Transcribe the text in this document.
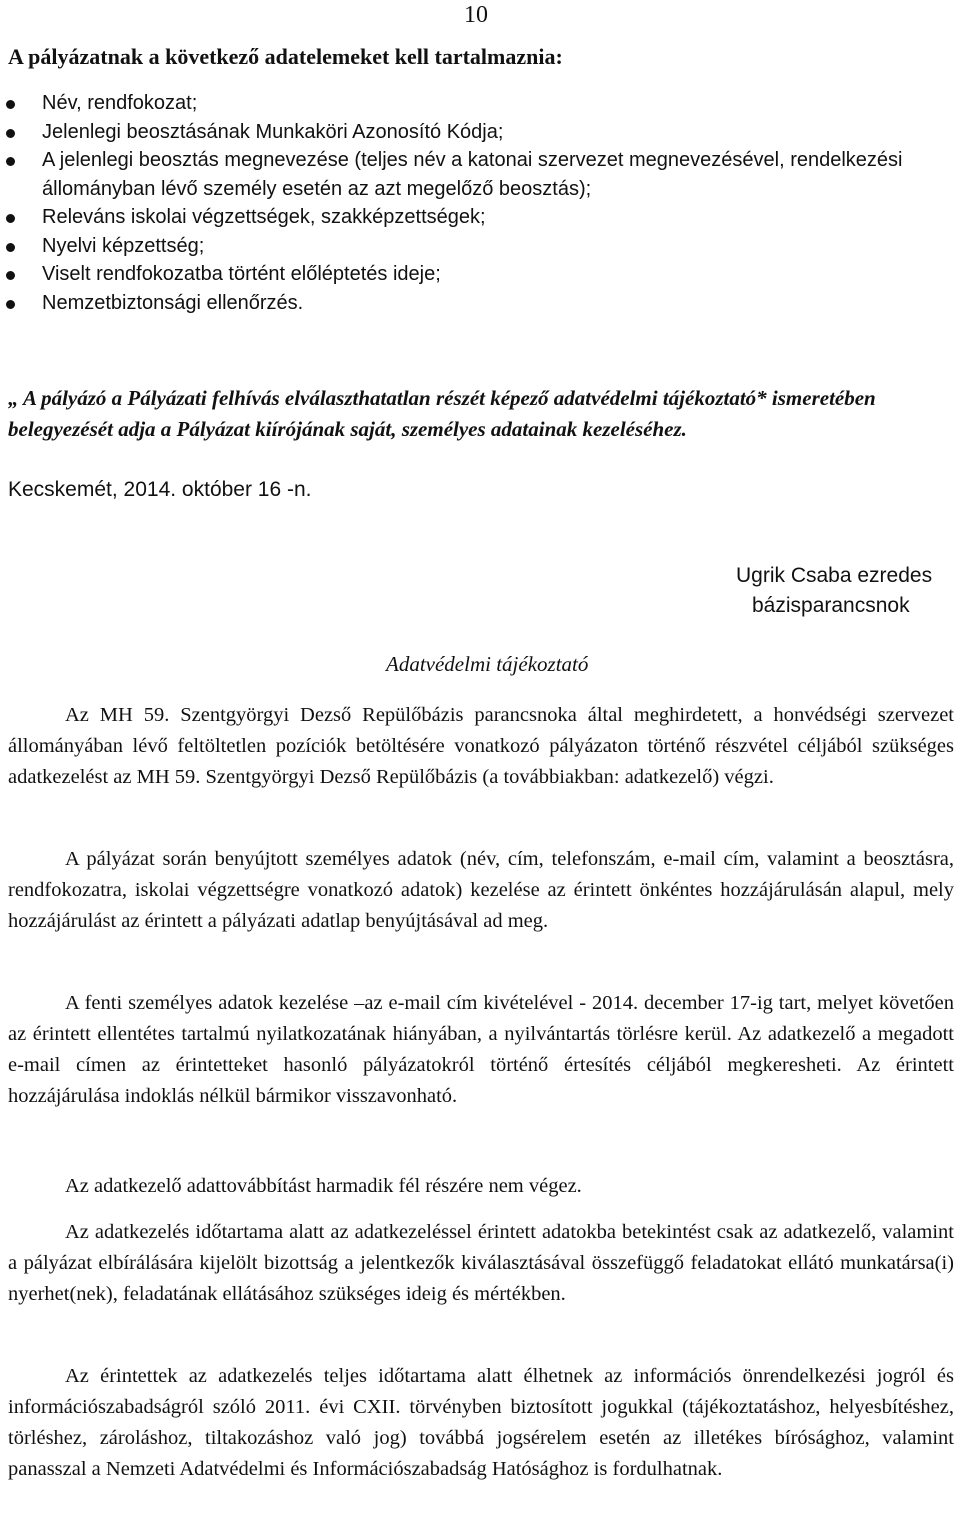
10
A pályázatnak a következő adatelemeket kell tartalmaznia:
Név, rendfokozat;
Jelenlegi beosztásának Munkaköri Azonosító Kódja;
A jelenlegi beosztás megnevezése (teljes név a katonai szervezet megnevezésével, rendelkezési állományban lévő személy esetén az azt megelőző beosztás);
Releváns iskolai végzettségek, szakképzettségek;
Nyelvi képzettség;
Viselt rendfokozatba történt előléptetés ideje;
Nemzetbiztonsági ellenőrzés.

„ A pályázó a Pályázati felhívás elválaszthatatlan részét képező adatvédelmi tájékoztató* ismeretében belegyezését adja a Pályázat kiírójának saját, személyes adatainak kezeléséhez.

Kecskemét, 2014. október 16 -n.
Ugrik Csaba ezredes
bázisparancsnok
Adatvédelmi tájékoztató

Az MH 59. Szentgyörgyi Dezső Repülőbázis parancsnoka által meghirdetett, a honvédségi szervezet állományában lévő feltöltetlen pozíciók betöltésére vonatkozó pályázaton történő részvétel céljából szükséges adatkezelést az MH 59. Szentgyörgyi Dezső Repülőbázis (a továbbiakban: adatkezelő) végzi.

A pályázat során benyújtott személyes adatok (név, cím, telefonszám, e-mail cím, valamint a beosztásra, rendfokozatra, iskolai végzettségre vonatkozó adatok) kezelése az érintett önkéntes hozzájárulásán alapul, mely hozzájárulást az érintett a pályázati adatlap benyújtásával ad meg.

A fenti személyes adatok kezelése –az e-mail cím kivételével - 2014. december 17-ig tart, melyet követően az érintett ellentétes tartalmú nyilatkozatának hiányában, a nyilvántartás törlésre kerül. Az adatkezelő a megadott e-mail címen az érintetteket hasonló pályázatokról történő értesítés céljából megkeresheti. Az érintett hozzájárulása indoklás nélkül bármikor visszavonható.

Az adatkezelő adattovábbítást harmadik fél részére nem végez.

Az adatkezelés időtartama alatt az adatkezeléssel érintett adatokba betekintést csak az adatkezelő, valamint a pályázat elbírálására kijelölt bizottság a jelentkezők kiválasztásával összefüggő feladatokat ellátó munkatársa(i) nyerhet(nek), feladatának ellátásához szükséges ideig és mértékben.

Az érintettek az adatkezelés teljes időtartama alatt élhetnek az információs önrendelkezési jogról és információszabadságról szóló 2011. évi CXII. törvényben biztosított jogukkal (tájékoztatáshoz, helyesbítéshez, törléshez, zároláshoz, tiltakozáshoz való jog) továbbá jogsérelem esetén az illetékes bírósághoz, valamint panasszal a Nemzeti Adatvédelmi és Információszabadság Hatósághoz is fordulhatnak.
